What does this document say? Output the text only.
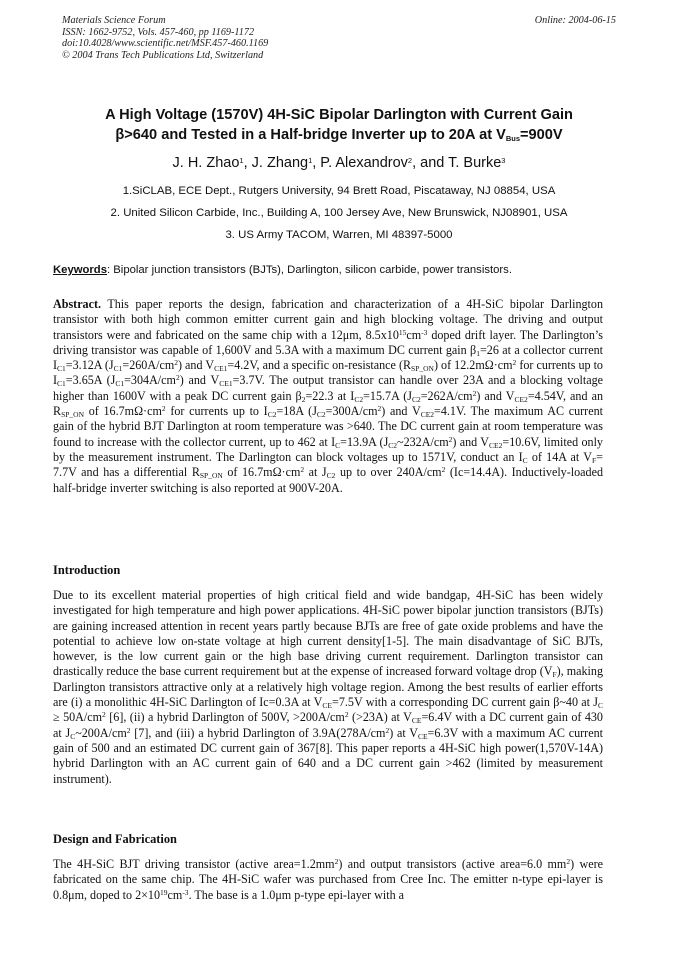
Materials Science Forum
ISSN: 1662-9752, Vols. 457-460, pp 1169-1172
doi:10.4028/www.scientific.net/MSF.457-460.1169
© 2004 Trans Tech Publications Ltd, Switzerland
Online: 2004-06-15
A High Voltage (1570V) 4H-SiC Bipolar Darlington with Current Gain
β>640 and Tested in a Half-bridge Inverter up to 20A at $V_{Bus}=900V$
J. H. Zhao$^1$, J. Zhang$^1$, P. Alexandrov$^2$, and T. Burke$^3$
1.SiCLAB, ECE Dept., Rutgers University, 94 Brett Road, Piscataway, NJ 08854, USA
2. United Silicon Carbide, Inc., Building A, 100 Jersey Ave, New Brunswick, NJ08901, USA
3. US Army TACOM, Warren, MI 48397-5000
Keywords: Bipolar junction transistors (BJTs), Darlington, silicon carbide, power transistors.
Abstract. This paper reports the design, fabrication and characterization of a 4H-SiC bipolar Darlington transistor with both high common emitter current gain and high blocking voltage. The driving and output transistors were and fabricated on the same chip with a 12μm, $8.5x10^{15}cm^{-3}$ doped drift layer. The Darlington’s driving transistor was capable of 1,600V and 5.3A with a maximum DC current gain $\beta_1=26$ at a collector current $I_{C1}=3.12A$ $(J_{C1}=260A/cm^2)$ and $V_{CE1}=4.2V$, and a specific on-resistance $(R_{SP\_ON})$ of $12.2m\Omega\cdot cm^2$ for currents up to $I_{C1}=3.65A$ $(J_{C1}=304A/cm^2)$ and $V_{CE1}=3.7V$. The output transistor can handle over 23A and a blocking voltage higher than 1600V with a peak DC current gain $\beta_2=22.3$ at $I_{C2}=15.7A$ $(J_{C2}=262A/cm^2)$ and $V_{CE2}=4.54V$, and an $R_{SP\_ON}$ of $16.7m\Omega\cdot cm^2$ for currents up to $I_{C2}=18A$ $(J_{C2}=300A/cm^2)$ and $V_{CE2}=4.1V$. The maximum AC current gain of the hybrid BJT Darlington at room temperature was >640. The DC current gain at room temperature was found to increase with the collector current, up to 462 at $I_C=13.9A$ $(J_{C2}\sim 232A/cm^2)$ and $V_{CE2}=10.6V$, limited only by the measurement instrument. The Darlington can block voltages up to 1571V, conduct an $I_C$ of 14A at $V_F= 7.7V$ and has a differential $R_{SP\_ON}$ of $16.7m\Omega\cdot cm^2$ at $J_{C2}$ up to over $240A/cm^2$ (Ic=14.4A). Inductively-loaded half-bridge inverter switching is also reported at 900V-20A.
Introduction
Due to its excellent material properties of high critical field and wide bandgap, 4H-SiC has been widely investigated for high temperature and high power applications. 4H-SiC power bipolar junction transistors (BJTs) are gaining increased attention in recent years partly because BJTs are free of gate oxide problems and have the potential to achieve low on-state voltage at high current density[1-5]. The main disadvantage of SiC BJTs, however, is the low current gain or the high base driving current requirement. Darlington transistor can drastically reduce the base current requirement but at the expense of increased forward voltage drop $(V_F)$, making Darlington transistors attractive only at a relatively high voltage region. Among the best results of earlier efforts are (i) a monolithic 4H-SiC Darlington of Ic=0.3A at $V_{CE}=7.5V$ with a corresponding DC current gain β~40 at $J_C \ge 50A/cm^2$ [6], (ii) a hybrid Darlington of 500V, $>200A/cm^2$ (>23A) at $V_{CE}=6.4V$ with a DC current gain of 430 at $J_C\sim 200A/cm^2$ [7], and (iii) a hybrid Darlington of $3.9A(278A/cm^2)$ at $V_{CE}=6.3V$ with a maximum AC current gain of 500 and an estimated DC current gain of 367[8]. This paper reports a 4H-SiC high power(1,570V-14A) hybrid Darlington with an AC current gain of 640 and a DC current gain >462 (limited by measurement instrument).
Design and Fabrication
The 4H-SiC BJT driving transistor (active $area=1.2mm^2$) and output transistors (active area=6.0 $mm^2$) were fabricated on the same chip. The 4H-SiC wafer was purchased from Cree Inc. The emitter n-type epi-layer is 0.8μm, doped to $2\times 10^{19}cm^{-3}$. The base is a 1.0μm p-type epi-layer with a
